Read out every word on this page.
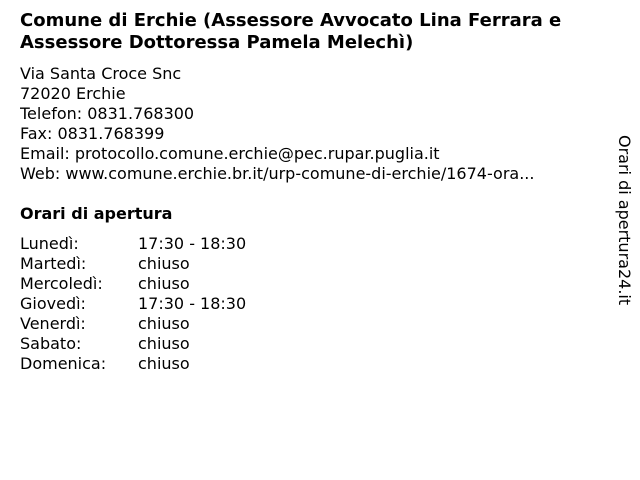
Comune di Erchie (Assessore Avvocato Lina Ferrara e Assessore Dottoressa Pamela Melechì)
Via Santa Croce Snc
72020 Erchie
Telefon: 0831.768300
Fax: 0831.768399
Email: protocollo.comune.erchie@pec.rupar.puglia.it
Web: www.comune.erchie.br.it/urp-comune-di-erchie/1674-ora...
Orari di apertura
Lunedì:	17:30 - 18:30
Martedì:	chiuso
Mercoledì: chiuso
Giovedì:	17:30 - 18:30
Venerdì:	chiuso
Sabato:	chiuso
Domenica: chiuso
Orari di apertura24.it
